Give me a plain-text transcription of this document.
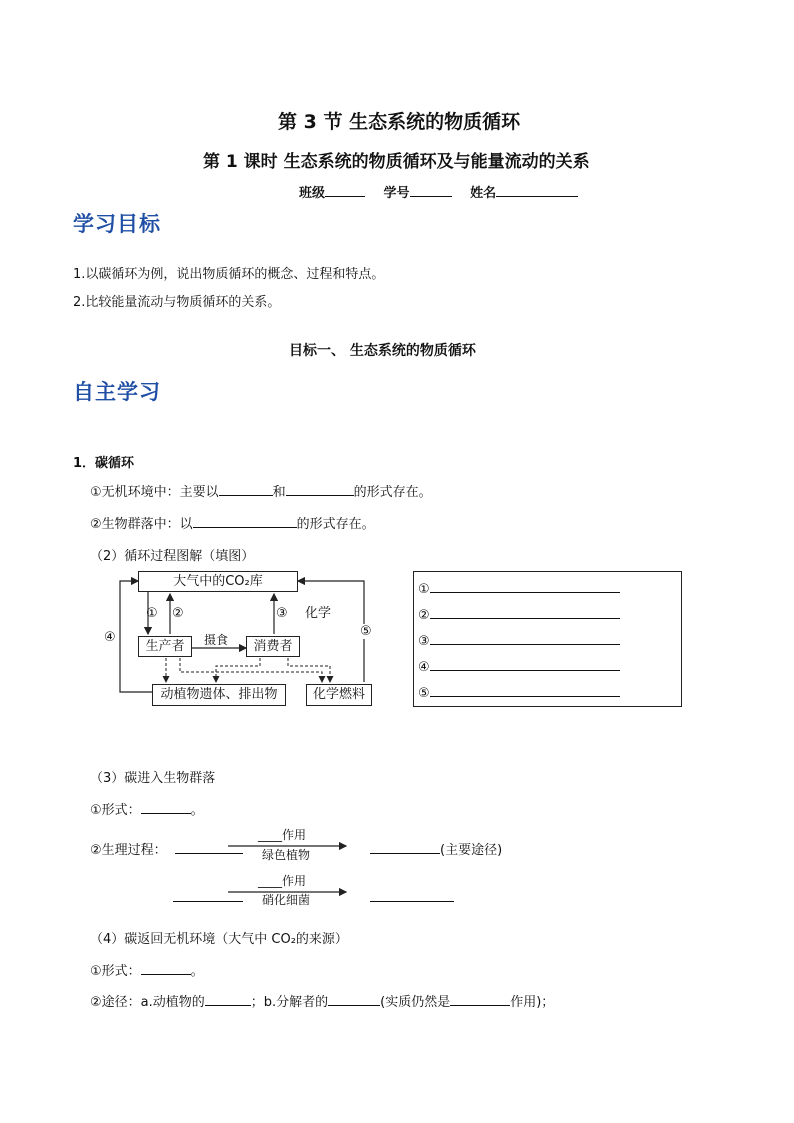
第 3 节 生态系统的物质循环
第 1 课时 生态系统的物质循环及与能量流动的关系
班级	学号	姓名
学习目标
1.以碳循环为例，说出物质循环的概念、过程和特点。
2.比较能量流动与物质循环的关系。
目标一、 生态系统的物质循环
自主学习
1．碳循环
①无机环境中：主要以	和	的形式存在。
②生物群落中：以	的形式存在。
（2）循环过程图解（填图）
大气中的CO₂库
生产者	消费者
动植物遗体、排出物	化学燃料
摄食
化学
① ②	③
④	⑤
①
②
③
④
⑤
（3）碳进入生物群落
①形式：	。
②生理过程：
____作用
绿色植物	(主要途径)
____作用
硝化细菌
（4）碳返回无机环境（大气中 CO₂的来源）
①形式：	。
②途径：a.动植物的	；b.分解者的	(实质仍然是	作用)；
